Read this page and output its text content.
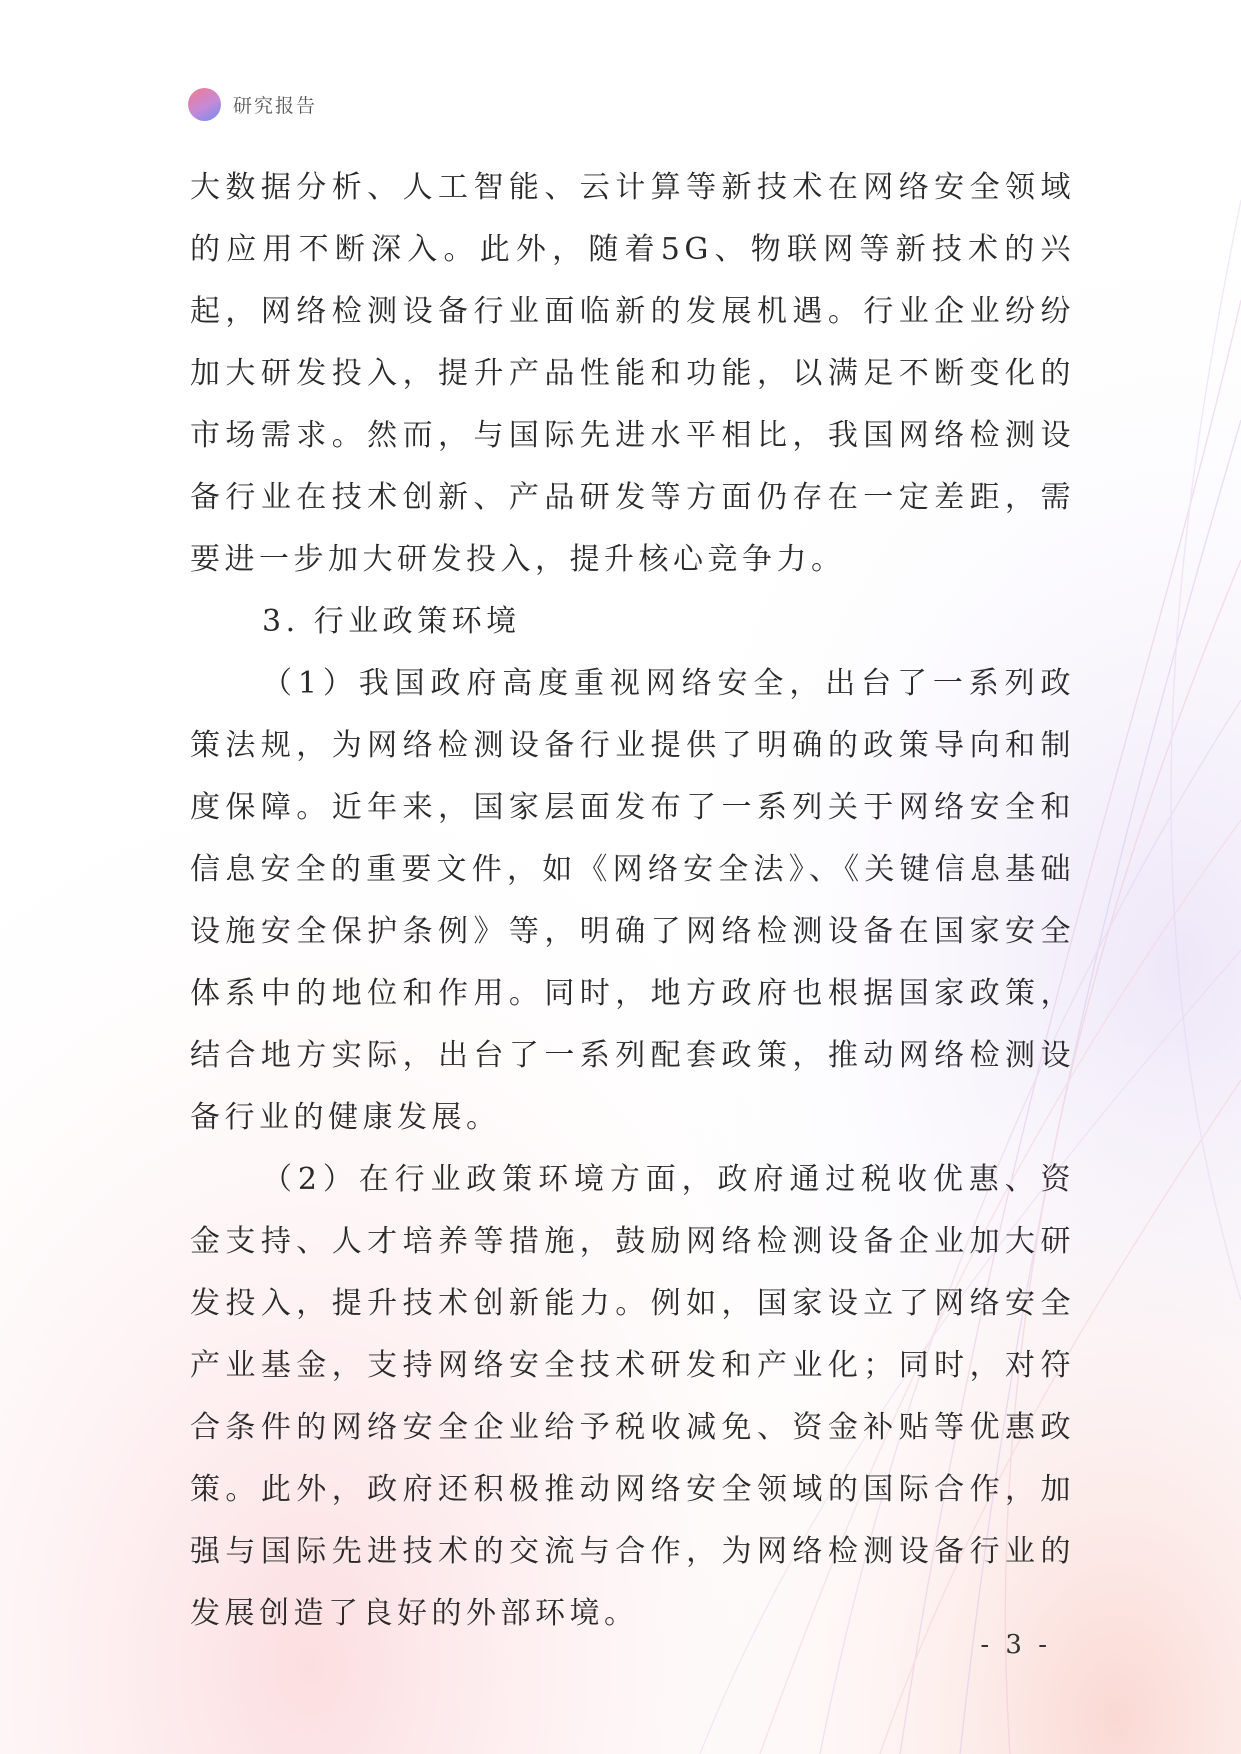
研究报告

大数据分析、人工智能、云计算等新技术在网络安全领域的应用不断深入。此外，随着5G、物联网等新技术的兴起，网络检测设备行业面临新的发展机遇。行业企业纷纷加大研发投入，提升产品性能和功能，以满足不断变化的市场需求。然而，与国际先进水平相比，我国网络检测设备行业在技术创新、产品研发等方面仍存在一定差距，需要进一步加大研发投入，提升核心竞争力。

3. 行业政策环境

（1）我国政府高度重视网络安全，出台了一系列政策法规，为网络检测设备行业提供了明确的政策导向和制度保障。近年来，国家层面发布了一系列关于网络安全和信息安全的重要文件，如《网络安全法》、《关键信息基础设施安全保护条例》等，明确了网络检测设备在国家安全体系中的地位和作用。同时，地方政府也根据国家政策，结合地方实际，出台了一系列配套政策，推动网络检测设备行业的健康发展。

（2）在行业政策环境方面，政府通过税收优惠、资金支持、人才培养等措施，鼓励网络检测设备企业加大研发投入，提升技术创新能力。例如，国家设立了网络安全产业基金，支持网络安全技术研发和产业化；同时，对符合条件的网络安全企业给予税收减免、资金补贴等优惠政策。此外，政府还积极推动网络安全领域的国际合作，加强与国际先进技术的交流与合作，为网络检测设备行业的发展创造了良好的外部环境。

- 3 -
